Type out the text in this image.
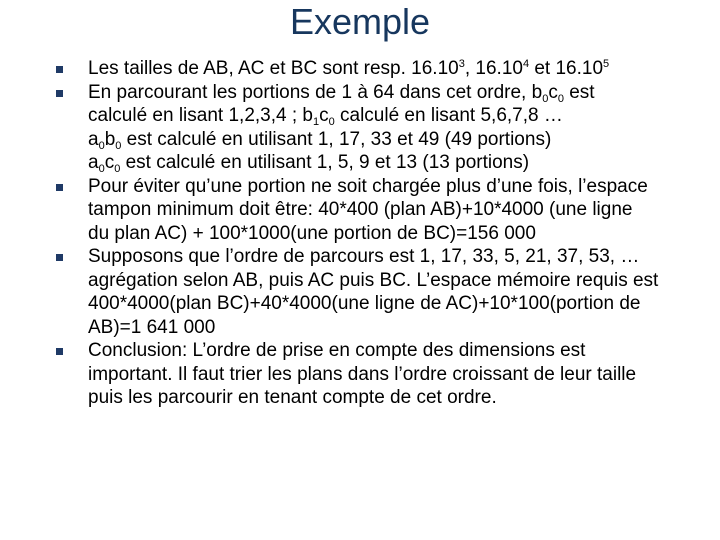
Exemple
Les tailles de AB, AC et BC sont resp. 16.10$^3$, 16.10$^4$ et 16.10$^5$
En parcourant les portions de 1 à 64 dans cet ordre, $b_0c_0$ est
calculé en lisant 1,2,3,4 ; $b_1c_0$ calculé en lisant 5,6,7,8 …
$a_0b_0$ est calculé en utilisant 1, 17, 33 et 49 (49 portions)
$a_0c_0$ est calculé en utilisant 1, 5, 9 et 13 (13 portions)
Pour éviter qu’une portion ne soit chargée plus d’une fois, l’espace
tampon minimum doit être: 40*400 (plan AB)+10*4000 (une ligne
du plan AC) + 100*1000(une portion de BC)=156 000
Supposons que l’ordre de parcours est 1, 17, 33, 5, 21, 37, 53, …
agrégation selon AB, puis AC puis BC. L’espace mémoire requis est
400*4000(plan BC)+40*4000(une ligne de AC)+10*100(portion de
AB)=1 641 000
Conclusion: L’ordre de prise en compte des dimensions est
important. Il faut trier les plans dans l’ordre croissant de leur taille
puis les parcourir en tenant compte de cet ordre.
